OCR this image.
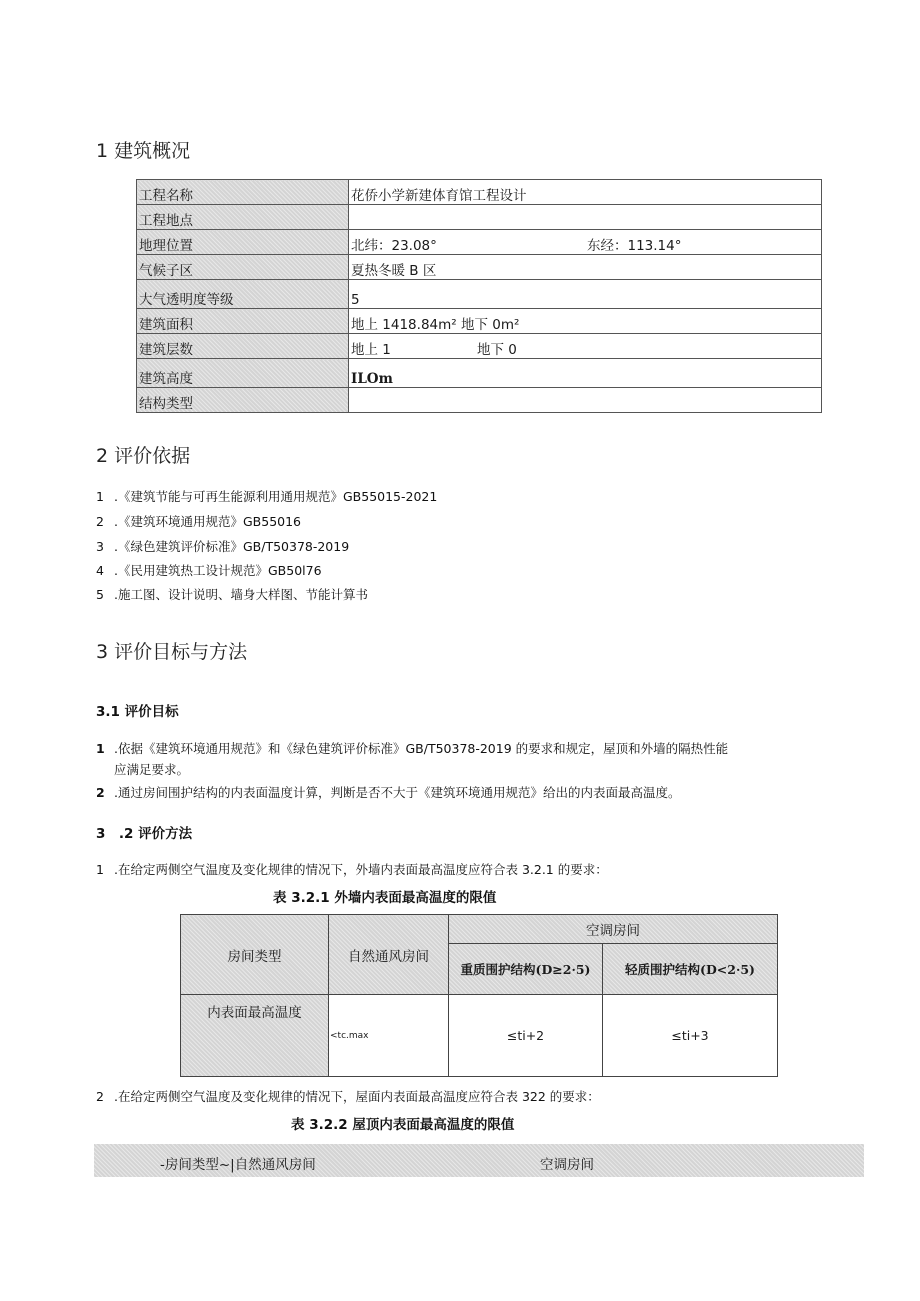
1 建筑概况
工程名称	花侨小学新建体育馆工程设计
工程地点	
地理位置	北纬：23.08° 东经：113.14°
气候子区	夏热冬暖 B 区
大气透明度等级	5
建筑面积	地上 1418.84m² 地下 0m²
建筑层数	地上 1 地下 0
建筑高度	ILOm
结构类型	
2 评价依据
1 .《建筑节能与可再生能源利用通用规范》GB55015-2021
2 .《建筑环境通用规范》GB55016
3 .《绿色建筑评价标准》GB/T50378-2019
4 .《民用建筑热工设计规范》GB50l76
5 .施工图、设计说明、墙身大样图、节能计算书
3 评价目标与方法
3.1 评价目标
1 .依据《建筑环境通用规范》和《绿色建筑评价标准》GB/T50378-2019 的要求和规定，屋顶和外墙的隔热性能
应满足要求。
2 .通过房间围护结构的内表面温度计算，判断是否不大于《建筑环境通用规范》给出的内表面最高温度。
3　.2 评价方法
1 .在给定两侧空气温度及变化规律的情况下，外墙内表面最高温度应符合表 3.2.1 的要求：
表 3.2.1 外墙内表面最高温度的限值
房间类型	自然通风房间	空调房间	
		重质围护结构(D≥2·5)	轻质围护结构(D<2·5)
内表面最高温度	<tc.max	≤ti+2	≤ti+3
2 .在给定两侧空气温度及变化规律的情况下，屋面内表面最高温度应符合表 322 的要求：
表 3.2.2 屋顶内表面最高温度的限值
-房间类型~|自然通风房间	空调房间
